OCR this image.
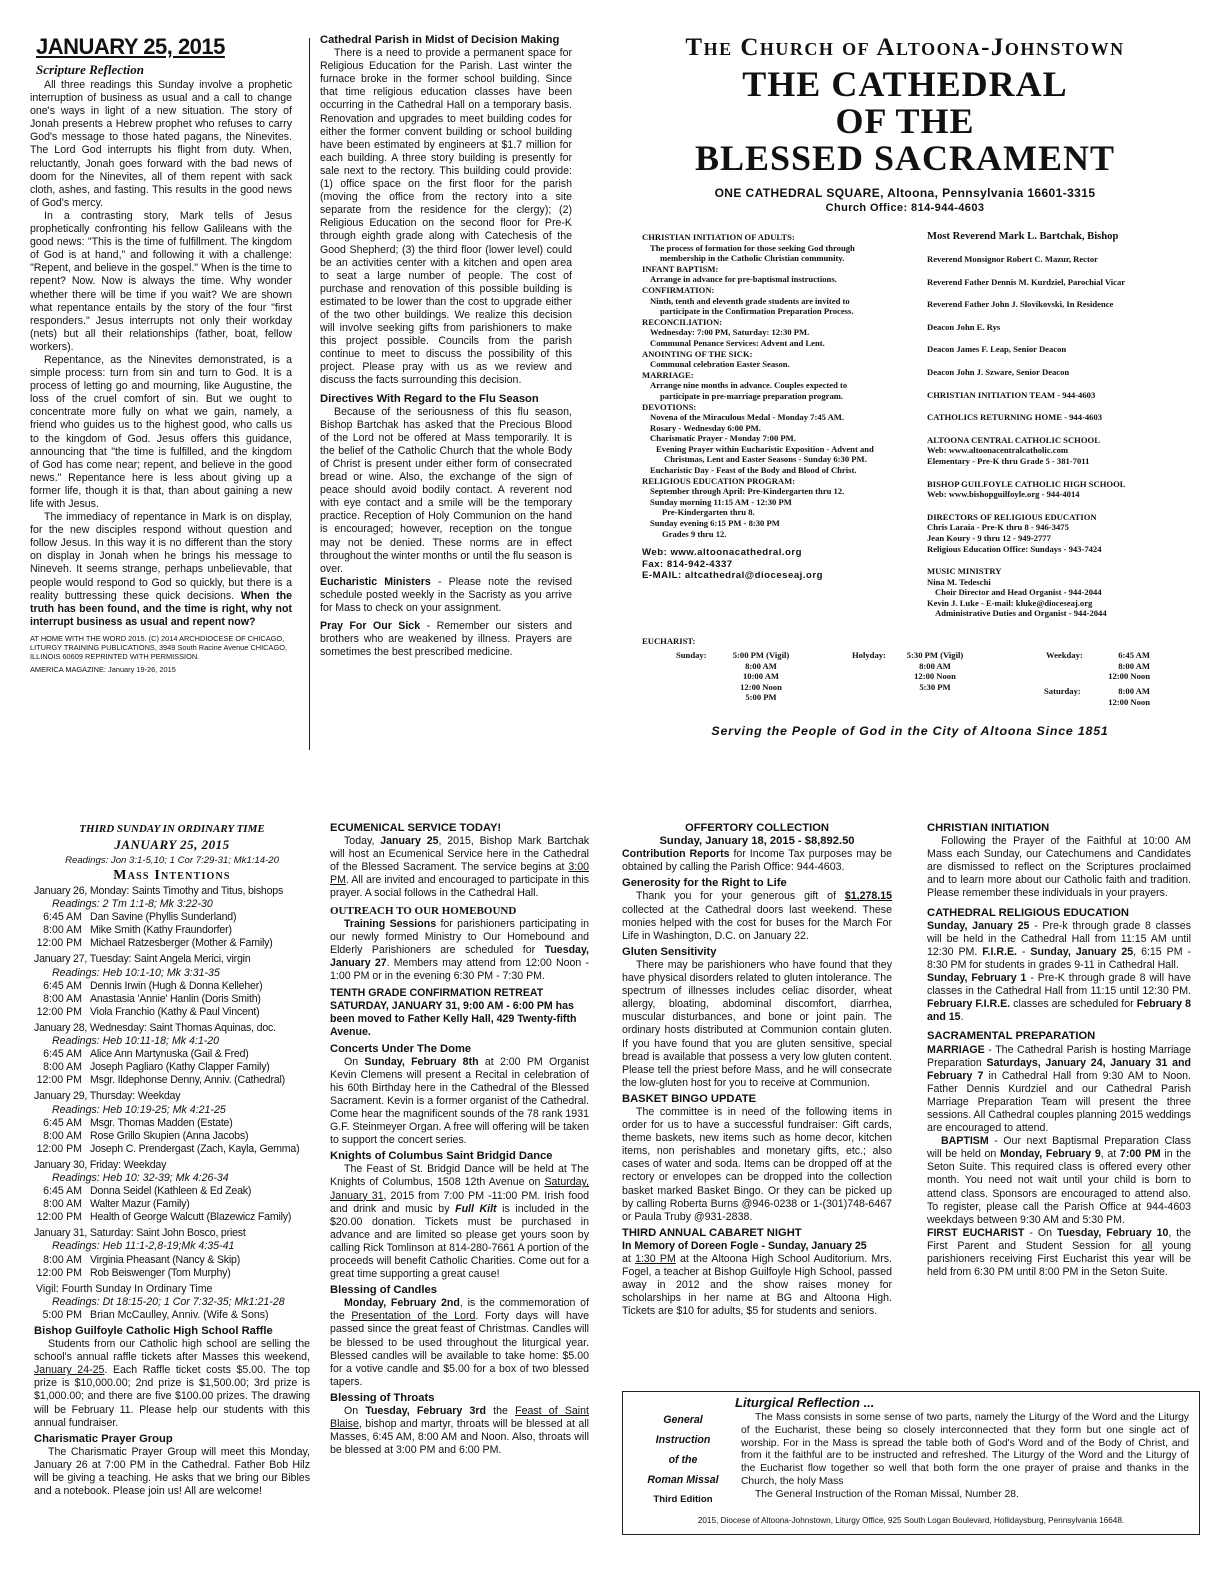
JANUARY 25, 2015
Scripture Reflection

All three readings this Sunday involve a prophetic interruption of business as usual and a call to change one's ways in light of a new situation. The story of Jonah presents a Hebrew prophet who refuses to carry God's message to those hated pagans, the Ninevites. The Lord God interrupts his flight from duty. When, reluctantly, Jonah goes forward with the bad news of doom for the Ninevites, all of them repent with sack cloth, ashes, and fasting. This results in the good news of God's mercy.

In a contrasting story, Mark tells of Jesus prophetically confronting his fellow Galileans with the good news: "This is the time of fulfillment. The kingdom of God is at hand," and following it with a challenge: "Repent, and believe in the gospel." When is the time to repent? Now. Now is always the time. Why wonder whether there will be time if you wait? We are shown what repentance entails by the story of the four "first responders." Jesus interrupts not only their workday (nets) but all their relationships (father, boat, fellow workers).

Repentance, as the Ninevites demonstrated, is a simple process: turn from sin and turn to God. It is a process of letting go and mourning, like Augustine, the loss of the cruel comfort of sin. But we ought to concentrate more fully on what we gain, namely, a friend who guides us to the highest good, who calls us to the kingdom of God. Jesus offers this guidance, announcing that "the time is fulfilled, and the kingdom of God has come near; repent, and believe in the good news." Repentance here is less about giving up a former life, though it is that, than about gaining a new life with Jesus.

The immediacy of repentance in Mark is on display, for the new disciples respond without question and follow Jesus. In this way it is no different than the story on display in Jonah when he brings his message to Nineveh. It seems strange, perhaps unbelievable, that people would respond to God so quickly, but there is a reality buttressing these quick decisions. When the truth has been found, and the time is right, why not interrupt business as usual and repent now?

AT HOME WITH THE WORD 2015. (C) 2014 ARCHDIOCESE OF CHICAGO, LITURGY TRAINING PUBLICATIONS, 3949 South Racine Avenue CHICAGO, ILLINOIS 60609 REPRINTED WITH PERMISSION.
AMERICA MAGAZINE: January 19-26, 2015
Cathedral Parish in Midst of Decision Making

There is a need to provide a permanent space for Religious Education for the Parish. Last winter the furnace broke in the former school building. Since that time religious education classes have been occurring in the Cathedral Hall on a temporary basis. Renovation and upgrades to meet building codes for either the former convent building or school building have been estimated by engineers at $1.7 million for each building. A three story building is presently for sale next to the rectory. This building could provide: (1) office space on the first floor for the parish (moving the office from the rectory into a site separate from the residence for the clergy); (2) Religious Education on the second floor for Pre-K through eighth grade along with Catechesis of the Good Shepherd; (3) the third floor (lower level) could be an activities center with a kitchen and open area to seat a large number of people. The cost of purchase and renovation of this possible building is estimated to be lower than the cost to upgrade either of the two other buildings. We realize this decision will involve seeking gifts from parishioners to make this project possible. Councils from the parish continue to meet to discuss the possibility of this project. Please pray with us as we review and discuss the facts surrounding this decision.

Directives With Regard to the Flu Season

Because of the seriousness of this flu season, Bishop Bartchak has asked that the Precious Blood of the Lord not be offered at Mass temporarily. It is the belief of the Catholic Church that the whole Body of Christ is present under either form of consecrated bread or wine. Also, the exchange of the sign of peace should avoid bodily contact. A reverent nod with eye contact and a smile will be the temporary practice. Reception of Holy Communion on the hand is encouraged; however, reception on the tongue may not be denied. These norms are in effect throughout the winter months or until the flu season is over.

Eucharistic Ministers - Please note the revised schedule posted weekly in the Sacristy as you arrive for Mass to check on your assignment.

Pray For Our Sick - Remember our sisters and brothers who are weakened by illness. Prayers are sometimes the best prescribed medicine.

The Church of Altoona-Johnstown
THE CATHEDRAL
OF THE
BLESSED SACRAMENT
ONE CATHEDRAL SQUARE, Altoona, Pennsylvania 16601-3315
Church Office: 814-944-4603
CHRISTIAN INITIATION OF ADULTS:
The process of formation for those seeking God through
membership in the Catholic Christian community.
INFANT BAPTISM:
Arrange in advance for pre-baptismal instructions.
CONFIRMATION:
Ninth, tenth and eleventh grade students are invited to
participate in the Confirmation Preparation Process.
RECONCILIATION:
Wednesday: 7:00 PM, Saturday: 12:30 PM.
Communal Penance Services: Advent and Lent.
ANOINTING OF THE SICK:
Communal celebration Easter Season.
MARRIAGE:
Arrange nine months in advance. Couples expected to
participate in pre-marriage preparation program.
DEVOTIONS:
Novena of the Miraculous Medal - Monday 7:45 AM.
Rosary - Wednesday 6:00 PM.
Charismatic Prayer - Monday 7:00 PM.
Evening Prayer within Eucharistic Exposition - Advent and
Christmas, Lent and Easter Seasons - Sunday 6:30 PM.
Eucharistic Day - Feast of the Body and Blood of Christ.
RELIGIOUS EDUCATION PROGRAM:
September through April: Pre-Kindergarten thru 12.
Sunday morning 11:15 AM - 12:30 PM
Pre-Kindergarten thru 8.
Sunday evening 6:15 PM - 8:30 PM
Grades 9 thru 12.
Web: www.altoonacathedral.org
Fax: 814-942-4337
E-MAIL: altcathedral@dioceseaj.org
Most Reverend Mark L. Bartchak, Bishop
Reverend Monsignor Robert C. Mazur, Rector
Reverend Father Dennis M. Kurdziel, Parochial Vicar
Reverend Father John J. Slovikovski, In Residence
Deacon John E. Rys
Deacon James F. Leap, Senior Deacon
Deacon John J. Szware, Senior Deacon
CHRISTIAN INITIATION TEAM - 944-4603
CATHOLICS RETURNING HOME - 944-4603
ALTOONA CENTRAL CATHOLIC SCHOOL
Web: www.altoonacentralcatholic.com
Elementary - Pre-K thru Grade 5 - 381-7011
BISHOP GUILFOYLE CATHOLIC HIGH SCHOOL
Web: www.bishopguilfoyle.org - 944-4014
DIRECTORS OF RELIGIOUS EDUCATION
Chris Laraia - Pre-K thru 8 - 946-3475
Jean Koury - 9 thru 12 - 949-2777
Religious Education Office: Sundays - 943-7424
MUSIC MINISTRY
Nina M. Tedeschi
Choir Director and Head Organist - 944-2044
Kevin J. Luke - E-mail: kluke@dioceseaj.org
Administrative Duties and Organist - 944-2044
EUCHARIST:
Sunday:	5:00 PM (Vigil)
8:00 AM
10:00 AM
12:00 Noon
5:00 PM
Holyday:	5:30 PM (Vigil)
8:00 AM
12:00 Noon
5:30 PM
Weekday:	6:45 AM
8:00 AM
12:00 Noon
Saturday:	8:00 AM
12:00 Noon
Serving the People of God in the City of Altoona Since 1851
THIRD SUNDAY IN ORDINARY TIME
JANUARY 25, 2015
Readings: Jon 3:1-5,10; 1 Cor 7:29-31; Mk1:14-20
Mass Intentions
January 26, Monday: Saints Timothy and Titus, bishops
Readings: 2 Tm 1:1-8; Mk 3:22-30
6:45 AM Dan Savine (Phyllis Sunderland)
8:00 AM Mike Smith (Kathy Fraundorfer)
12:00 PM Michael Ratzesberger (Mother & Family)
January 27, Tuesday: Saint Angela Merici, virgin
Readings: Heb 10:1-10; Mk 3:31-35
6:45 AM Dennis Irwin (Hugh & Donna Kelleher)
8:00 AM Anastasia 'Annie' Hanlin (Doris Smith)
12:00 PM Viola Franchio (Kathy & Paul Vincent)
January 28, Wednesday: Saint Thomas Aquinas, doc.
Readings: Heb 10:11-18; Mk 4:1-20
6:45 AM Alice Ann Martynuska (Gail & Fred)
8:00 AM Joseph Pagliaro (Kathy Clapper Family)
12:00 PM Msgr. Ildephonse Denny, Anniv. (Cathedral)
January 29, Thursday: Weekday
Readings: Heb 10:19-25; Mk 4:21-25
6:45 AM Msgr. Thomas Madden (Estate)
8:00 AM Rose Grillo Skupien (Anna Jacobs)
12:00 PM Joseph C. Prendergast (Zach, Kayla, Gemma)
January 30, Friday: Weekday
Readings: Heb 10: 32-39; Mk 4:26-34
6:45 AM Donna Seidel (Kathleen & Ed Zeak)
8:00 AM Walter Mazur (Family)
12:00 PM Health of George Walcutt (Blazewicz Family)
January 31, Saturday: Saint John Bosco, priest
Readings: Heb 11:1-2,8-19;Mk 4:35-41
8:00 AM Virginia Pheasant (Nancy & Skip)
12:00 PM Rob Beiswenger (Tom Murphy)
Vigil: Fourth Sunday In Ordinary Time
Readings: Dt 18:15-20; 1 Cor 7:32-35; Mk1:21-28
5:00 PM Brian McCaulley, Anniv. (Wife & Sons)
Bishop Guilfoyle Catholic High School Raffle

Students from our Catholic high school are selling the school's annual raffle tickets after Masses this weekend, January 24-25. Each Raffle ticket costs $5.00. The top prize is $10,000.00; 2nd prize is $1,500.00; 3rd prize is $1,000.00; and there are five $100.00 prizes. The drawing will be February 11. Please help our students with this annual fundraiser.

Charismatic Prayer Group

The Charismatic Prayer Group will meet this Monday, January 26 at 7:00 PM in the Cathedral. Father Bob Hilz will be giving a teaching. He asks that we bring our Bibles and a notebook. Please join us! All are welcome!

ECUMENICAL SERVICE TODAY!

Today, January 25, 2015, Bishop Mark Bartchak will host an Ecumenical Service here in the Cathedral of the Blessed Sacrament. The service begins at 3:00 PM. All are invited and encouraged to participate in this prayer. A social follows in the Cathedral Hall.

OUTREACH TO OUR HOMEBOUND

Training Sessions for parishioners participating in our newly formed Ministry to Our Homebound and Elderly Parishioners are scheduled for Tuesday, January 27. Members may attend from 12:00 Noon - 1:00 PM or in the evening 6:30 PM - 7:30 PM.

TENTH GRADE CONFIRMATION RETREAT SATURDAY, JANUARY 31, 9:00 AM - 6:00 PM has been moved to Father Kelly Hall, 429 Twenty-fifth Avenue.

Concerts Under The Dome

On Sunday, February 8th at 2:00 PM Organist Kevin Clemens will present a Recital in celebration of his 60th Birthday here in the Cathedral of the Blessed Sacrament. Kevin is a former organist of the Cathedral. Come hear the magnificent sounds of the 78 rank 1931 G.F. Steinmeyer Organ. A free will offering will be taken to support the concert series.

Knights of Columbus Saint Bridgid Dance

The Feast of St. Bridgid Dance will be held at The Knights of Columbus, 1508 12th Avenue on Saturday, January 31, 2015 from 7:00 PM -11:00 PM. Irish food and drink and music by Full Kilt is included in the $20.00 donation. Tickets must be purchased in advance and are limited so please get yours soon by calling Rick Tomlinson at 814-280-7661 A portion of the proceeds will benefit Catholic Charities. Come out for a great time supporting a great cause!

Blessing of Candles

Monday, February 2nd, is the commemoration of the Presentation of the Lord. Forty days will have passed since the great feast of Christmas. Candles will be blessed to be used throughout the liturgical year. Blessed candles will be available to take home: $5.00 for a votive candle and $5.00 for a box of two blessed tapers.

Blessing of Throats

On Tuesday, February 3rd the Feast of Saint Blaise, bishop and martyr, throats will be blessed at all Masses, 6:45 AM, 8:00 AM and Noon. Also, throats will be blessed at 3:00 PM and 6:00 PM.

OFFERTORY COLLECTION
Sunday, January 18, 2015 - $8,892.50

Contribution Reports for Income Tax purposes may be obtained by calling the Parish Office: 944-4603.

Generosity for the Right to Life

Thank you for your generous gift of $1,278.15 collected at the Cathedral doors last weekend. These monies helped with the cost for buses for the March For Life in Washington, D.C. on January 22.

Gluten Sensitivity

There may be parishioners who have found that they have physical disorders related to gluten intolerance. The spectrum of illnesses includes celiac disorder, wheat allergy, bloating, abdominal discomfort, diarrhea, muscular disturbances, and bone or joint pain. The ordinary hosts distributed at Communion contain gluten. If you have found that you are gluten sensitive, special bread is available that possess a very low gluten content. Please tell the priest before Mass, and he will consecrate the low-gluten host for you to receive at Communion.

BASKET BINGO UPDATE

The committee is in need of the following items in order for us to have a successful fundraiser: Gift cards, theme baskets, new items such as home decor, kitchen items, non perishables and monetary gifts, etc.; also cases of water and soda. Items can be dropped off at the rectory or envelopes can be dropped into the collection basket marked Basket Bingo. Or they can be picked up by calling Roberta Burns @946-0238 or 1-(301)748-6467 or Paula Truby @931-2838.

THIRD ANNUAL CABARET NIGHT
In Memory of Doreen Fogle - Sunday, January 25

at 1:30 PM at the Altoona High School Auditorium. Mrs. Fogel, a teacher at Bishop Guilfoyle High School, passed away in 2012 and the show raises money for scholarships in her name at BG and Altoona High. Tickets are $10 for adults, $5 for students and seniors.

CHRISTIAN INITIATION

Following the Prayer of the Faithful at 10:00 AM Mass each Sunday, our Catechumens and Candidates are dismissed to reflect on the Scriptures proclaimed and to learn more about our Catholic faith and tradition. Please remember these individuals in your prayers.

CATHEDRAL RELIGIOUS EDUCATION

Sunday, January 25 - Pre-k through grade 8 classes will be held in the Cathedral Hall from 11:15 AM until 12:30 PM. F.I.R.E. - Sunday, January 25, 6:15 PM - 8:30 PM for students in grades 9-11 in Cathedral Hall.

Sunday, February 1 - Pre-K through grade 8 will have classes in the Cathedral Hall from 11:15 until 12:30 PM. February F.I.R.E. classes are scheduled for February 8 and 15.

SACRAMENTAL PREPARATION

MARRIAGE - The Cathedral Parish is hosting Marriage Preparation Saturdays, January 24, January 31 and February 7 in Cathedral Hall from 9:30 AM to Noon. Father Dennis Kurdziel and our Cathedral Parish Marriage Preparation Team will present the three sessions. All Cathedral couples planning 2015 weddings are encouraged to attend.

BAPTISM - Our next Baptismal Preparation Class will be held on Monday, February 9, at 7:00 PM in the Seton Suite. This required class is offered every other month. You need not wait until your child is born to attend class. Sponsors are encouraged to attend also. To register, please call the Parish Office at 944-4603 weekdays between 9:30 AM and 5:30 PM.

FIRST EUCHARIST - On Tuesday, February 10, the First Parent and Student Session for all young parishioners receiving First Eucharist this year will be held from 6:30 PM until 8:00 PM in the Seton Suite.

Liturgical Reflection ...
General
Instruction
of the
Roman Missal
Third Edition

The Mass consists in some sense of two parts, namely the Liturgy of the Word and the Liturgy of the Eucharist, these being so closely interconnected that they form but one single act of worship. For in the Mass is spread the table both of God's Word and of the Body of Christ, and from it the faithful are to be instructed and refreshed. The Liturgy of the Word and the Liturgy of the Eucharist flow together so well that both form the one prayer of praise and thanks in the Church, the holy Mass

The General Instruction of the Roman Missal, Number 28.

2015, Diocese of Altoona-Johnstown, Liturgy Office, 925 South Logan Boulevard, Hollidaysburg, Pennsylvania 16648.
